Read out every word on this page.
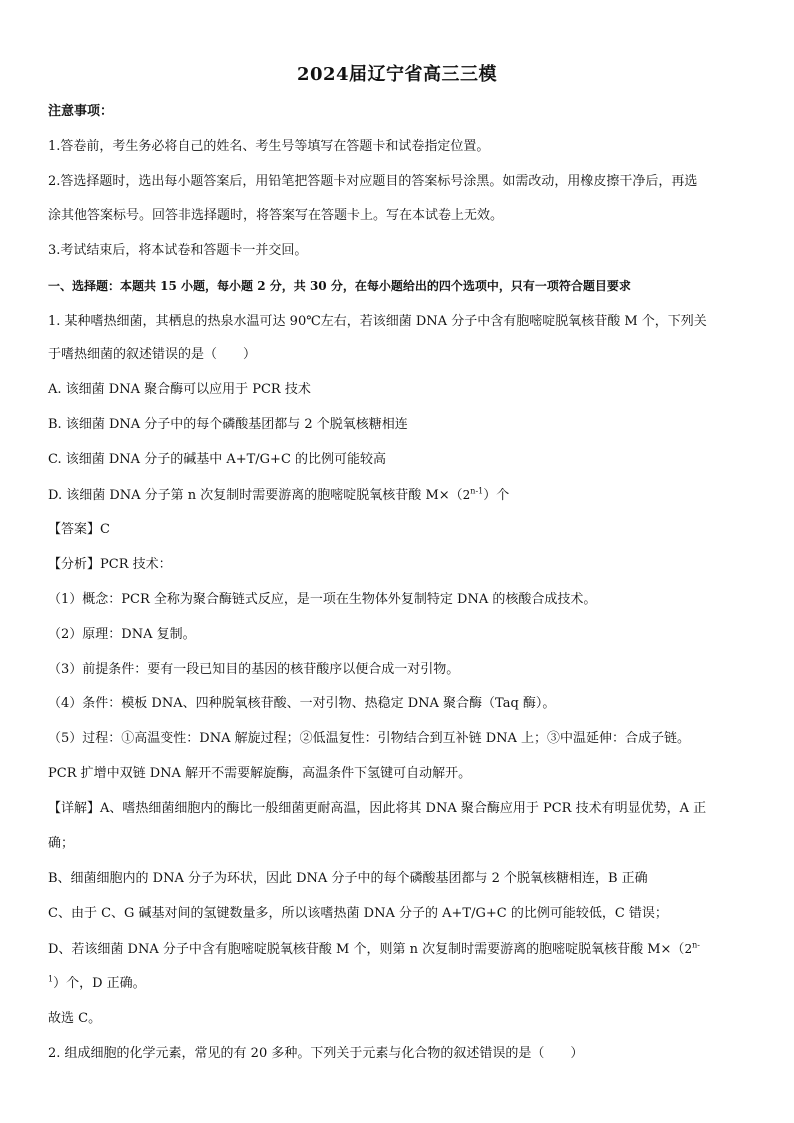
2024届辽宁省高三三模
注意事项：
1.答卷前，考生务必将自己的姓名、考生号等填写在答题卡和试卷指定位置。
2.答选择题时，选出每小题答案后，用铅笔把答题卡对应题目的答案标号涂黑。如需改动，用橡皮擦干净后，再选
涂其他答案标号。回答非选择题时，将答案写在答题卡上。写在本试卷上无效。
3.考试结束后，将本试卷和答题卡一并交回。
一、选择题：本题共 15 小题，每小题 2 分，共 30 分，在每小题给出的四个选项中，只有一项符合题目要求
1. 某种嗜热细菌，其栖息的热泉水温可达 90℃左右，若该细菌 DNA 分子中含有胞嘧啶脱氧核苷酸 M 个，下列关
于嗜热细菌的叙述错误的是（　　）
A. 该细菌 DNA 聚合酶可以应用于 PCR 技术
B. 该细菌 DNA 分子中的每个磷酸基团都与 2 个脱氧核糖相连
C. 该细菌 DNA 分子的碱基中 A+T/G+C 的比例可能较高
D. 该细菌 DNA 分子第 n 次复制时需要游离的胞嘧啶脱氧核苷酸 $M\times(2^{n-1})$个
【答案】C
【分析】PCR 技术：
（1）概念：PCR 全称为聚合酶链式反应，是一项在生物体外复制特定 DNA 的核酸合成技术。
（2）原理：DNA 复制。
（3）前提条件：要有一段已知目的基因的核苷酸序以便合成一对引物。
（4）条件：模板 DNA、四种脱氧核苷酸、一对引物、热稳定 DNA 聚合酶（Taq 酶）。
（5）过程：①高温变性：DNA 解旋过程；②低温复性：引物结合到互补链 DNA 上；③中温延伸：合成子链。
PCR 扩增中双链 DNA 解开不需要解旋酶，高温条件下氢键可自动解开。
【详解】A、嗜热细菌细胞内的酶比一般细菌更耐高温，因此将其 DNA 聚合酶应用于 PCR 技术有明显优势，A 正
确；
B、细菌细胞内的 DNA 分子为环状，因此 DNA 分子中的每个磷酸基团都与 2 个脱氧核糖相连，B 正确
C、由于 C、G 碱基对间的氢键数量多，所以该嗜热菌 DNA 分子的 A+T/G+C 的比例可能较低，C 错误；
D、若该细菌 DNA 分子中含有胞嘧啶脱氧核苷酸 M 个，则第 n 次复制时需要游离的胞嘧啶脱氧核苷酸 $M\times(2^{n-}$
$^1$）个，D 正确。
故选 C。
2. 组成细胞的化学元素，常见的有 20 多种。下列关于元素与化合物的叙述错误的是（　　）
